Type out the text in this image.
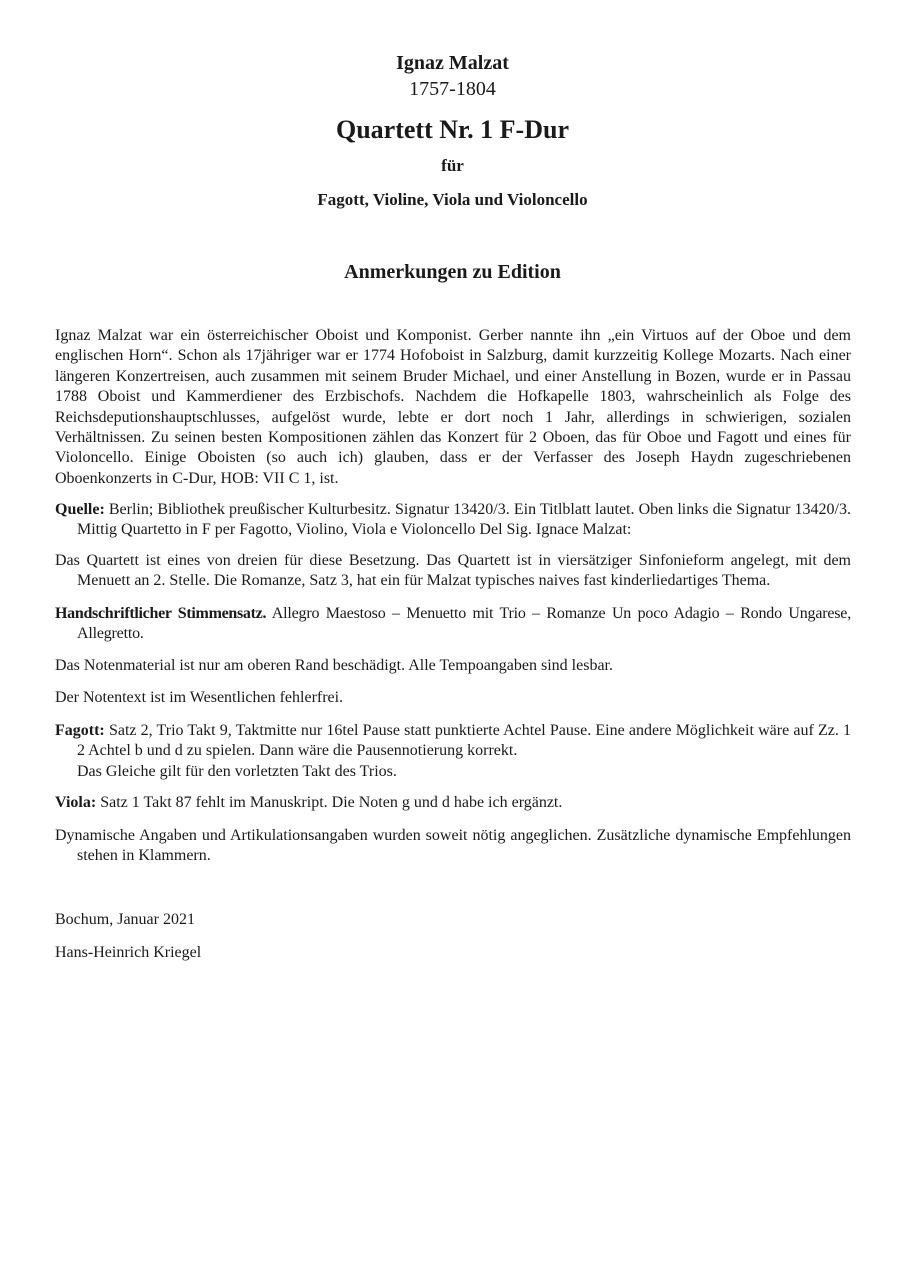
Ignaz Malzat
1757-1804
Quartett Nr. 1 F-Dur
für
Fagott, Violine, Viola und Violoncello
Anmerkungen zu Edition
Ignaz Malzat war ein österreichischer Oboist und Komponist. Gerber nannte ihn „ein Virtuos auf der Oboe und dem englischen Horn“. Schon als 17jähriger war er 1774 Hofoboist in Salzburg, damit kurzzeitig Kollege Mozarts. Nach einer längeren Konzertreisen, auch zusammen mit seinem Bruder Michael, und einer Anstellung in Bozen, wurde er in Passau 1788 Oboist und Kammerdiener des Erzbischofs. Nachdem die Hofkapelle 1803, wahrscheinlich als Folge des Reichsdeputionshauptschlusses, aufgelöst wurde, lebte er dort noch 1 Jahr, allerdings in schwierigen, sozialen Verhältnissen. Zu seinen besten Kompositionen zählen das Konzert für 2 Oboen, das für Oboe und Fagott und eines für Violoncello. Einige Oboisten (so auch ich) glauben, dass er der Verfasser des Joseph Haydn zugeschriebenen Oboenkonzerts in C-Dur, HOB: VII C 1, ist.
Quelle: Berlin; Bibliothek preußischer Kulturbesitz. Signatur 13420/3. Ein Titlblatt lautet. Oben links die Signatur 13420/3. Mittig Quartetto in F per Fagotto, Violino, Viola e Violoncello Del Sig. Ignace Malzat:
Das Quartett ist eines von dreien für diese Besetzung. Das Quartett ist in viersätziger Sinfonieform angelegt, mit dem Menuett an 2. Stelle. Die Romanze, Satz 3, hat ein für Malzat typisches naives fast kinderliedartiges Thema.
Handschriftlicher Stimmensatz. Allegro Maestoso – Menuetto mit Trio – Romanze Un poco Adagio – Rondo Ungarese, Allegretto.
Das Notenmaterial ist nur am oberen Rand beschädigt. Alle Tempoangaben sind lesbar.
Der Notentext ist im Wesentlichen fehlerfrei.
Fagott: Satz 2, Trio Takt 9, Taktmitte nur 16tel Pause statt punktierte Achtel Pause. Eine andere Möglichkeit wäre auf Zz. 1 2 Achtel b und d zu spielen. Dann wäre die Pausennotierung korrekt.
Das Gleiche gilt für den vorletzten Takt des Trios.
Viola: Satz 1 Takt 87 fehlt im Manuskript. Die Noten g und d habe ich ergänzt.
Dynamische Angaben und Artikulationsangaben wurden soweit nötig angeglichen. Zusätzliche dynamische Empfehlungen stehen in Klammern.
Bochum, Januar 2021
Hans-Heinrich Kriegel
